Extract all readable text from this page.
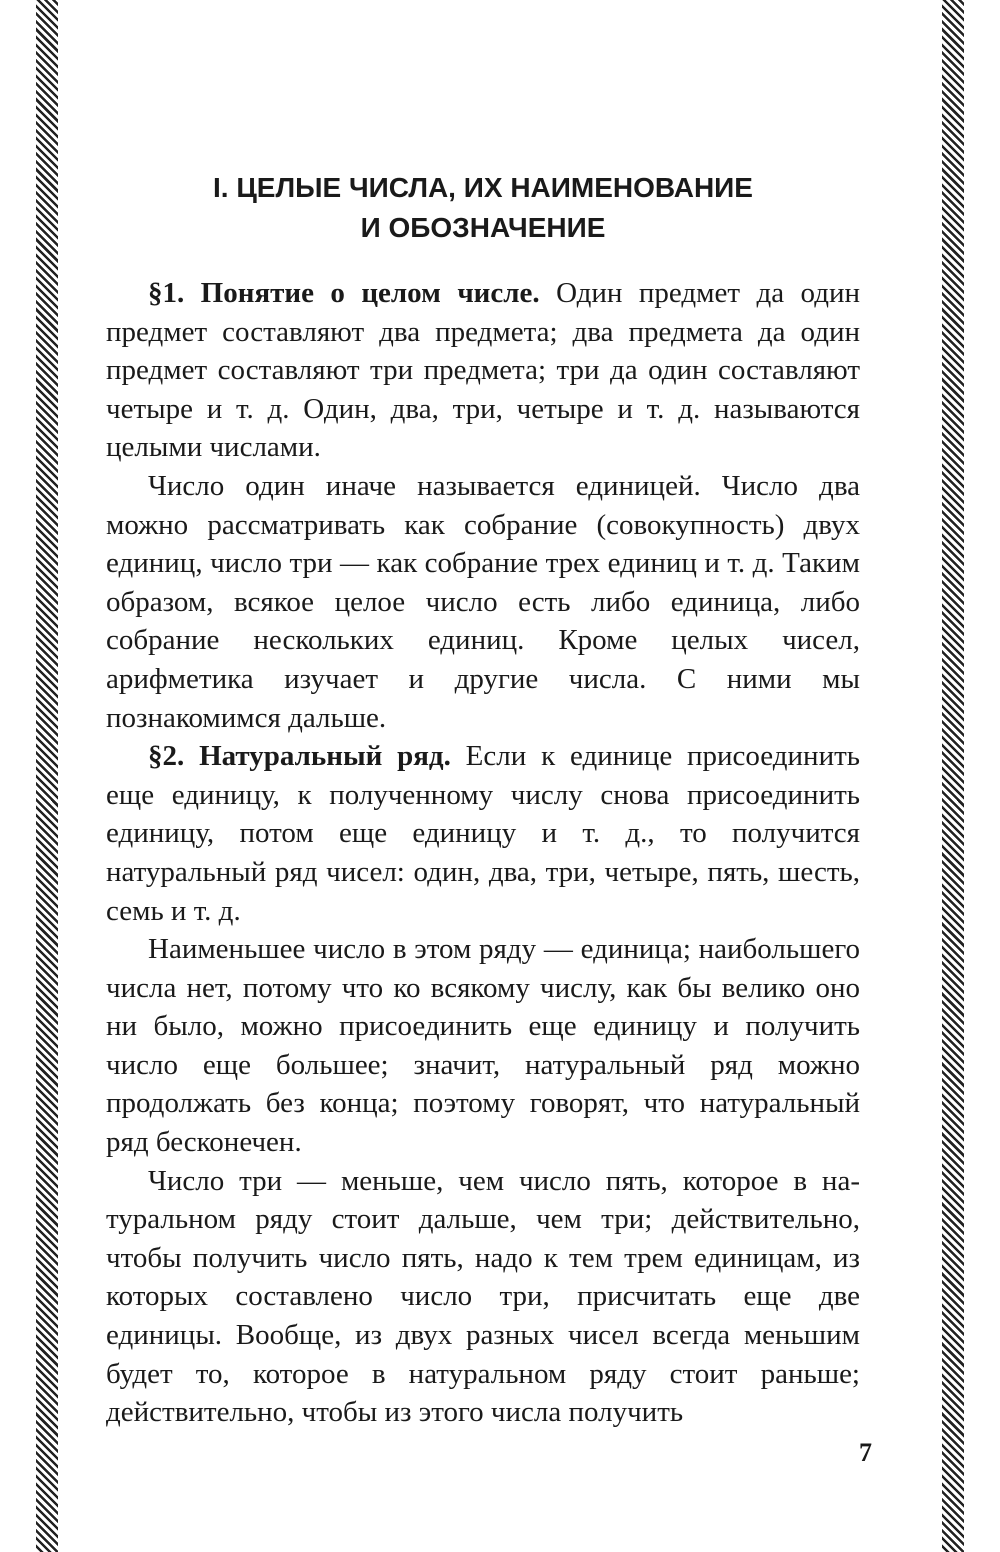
I. ЦЕЛЫЕ ЧИСЛА, ИХ НАИМЕНОВАНИЕ
И ОБОЗНАЧЕНИЕ

§1. Понятие о целом числе. Один предмет да один предмет составляют два предмета; два предмета да один предмет составляют три предмета; три да один составляют четыре и т. д. Один, два, три, четыре и т. д. называются целыми числами.

Число один иначе называется единицей. Число два можно рассматривать как собрание (совокупность) двух единиц, число три — как собрание трех единиц и т. д. Таким образом, всякое целое число есть либо единица, либо собрание нескольких единиц. Кроме целых чисел, арифметика изучает и другие числа. С ними мы познакомимся дальше.

§2. Натуральный ряд. Если к единице присоединить еще единицу, к полученному числу снова присоединить единицу, потом еще единицу и т. д., то получится натуральный ряд чисел: один, два, три, четыре, пять, шесть, семь и т. д.

Наименьшее число в этом ряду — единица; наибольшего числа нет, потому что ко всякому числу, как бы велико оно ни было, можно присоединить еще единицу и получить число еще большее; значит, натуральный ряд можно продолжать без конца; поэтому говорят, что натуральный ряд бесконечен.

Число три — меньше, чем число пять, которое в натуральном ряду стоит дальше, чем три; действительно, чтобы получить число пять, надо к тем трем единицам, из которых составлено число три, присчитать еще две единицы. Вообще, из двух разных чисел всегда меньшим будет то, которое в натуральном ряду стоит раньше; действительно, чтобы из этого числа получить

7
